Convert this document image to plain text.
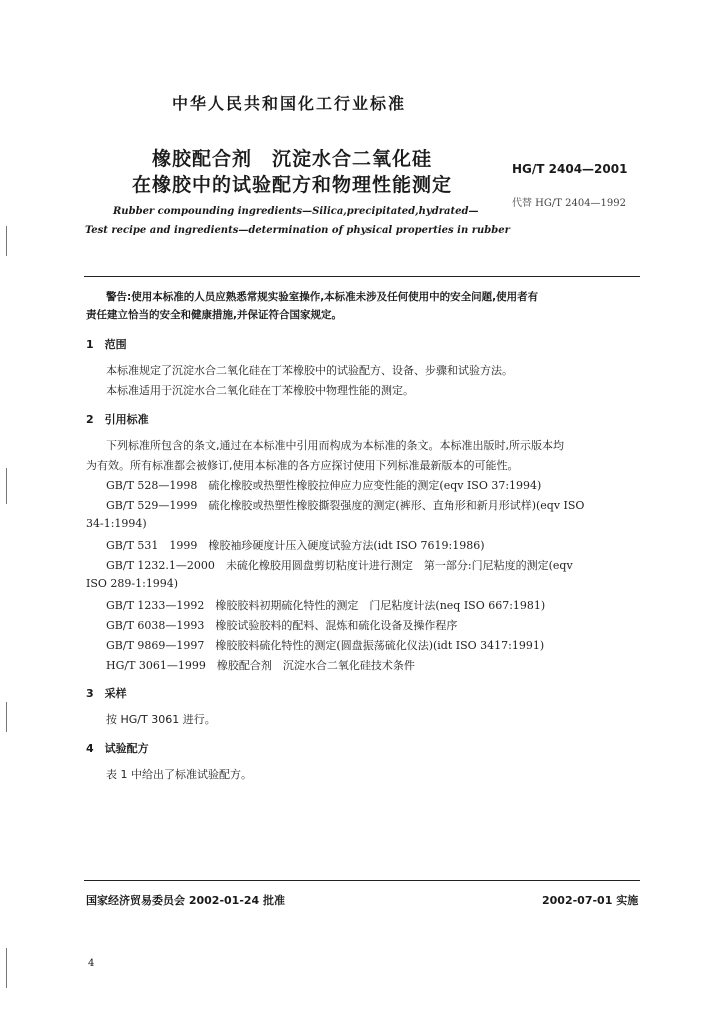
中华人民共和国化工行业标准
橡胶配合剂　沉淀水合二氧化硅
在橡胶中的试验配方和物理性能测定
HG/T 2404—2001
代替 HG/T 2404—1992
Rubber compounding ingredients—Silica,precipitated,hydrated—
Test recipe and ingredients—determination of physical properties in rubber
警告:使用本标准的人员应熟悉常规实验室操作,本标准未涉及任何使用中的安全问题,使用者有
责任建立恰当的安全和健康措施,并保证符合国家规定。
1　范围
本标准规定了沉淀水合二氧化硅在丁苯橡胶中的试验配方、设备、步骤和试验方法。
本标准适用于沉淀水合二氧化硅在丁苯橡胶中物理性能的测定。
2　引用标准
下列标准所包含的条文,通过在本标准中引用而构成为本标准的条文。本标准出版时,所示版本均
为有效。所有标准都会被修订,使用本标准的各方应探讨使用下列标准最新版本的可能性。
GB/T 528—1998　硫化橡胶或热塑性橡胶拉伸应力应变性能的测定(eqv ISO 37:1994)
GB/T 529—1999　硫化橡胶或热塑性橡胶撕裂强度的测定(裤形、直角形和新月形试样)(eqv ISO
34-1:1994)
GB/T 531　1999　橡胶袖珍硬度计压入硬度试验方法(idt ISO 7619:1986)
GB/T 1232.1—2000　未硫化橡胶用圆盘剪切粘度计进行测定　第一部分:门尼粘度的测定(eqv
ISO 289-1:1994)
GB/T 1233—1992　橡胶胶料初期硫化特性的测定　门尼粘度计法(neq ISO 667:1981)
GB/T 6038—1993　橡胶试验胶料的配料、混炼和硫化设备及操作程序
GB/T 9869—1997　橡胶胶料硫化特性的测定(圆盘振荡硫化仪法)(idt ISO 3417:1991)
HG/T 3061—1999　橡胶配合剂　沉淀水合二氧化硅技术条件
3　采样
按 HG/T 3061 进行。
4　试验配方
表 1 中给出了标准试验配方。
国家经济贸易委员会 2002-01-24 批准	2002-07-01 实施
4
